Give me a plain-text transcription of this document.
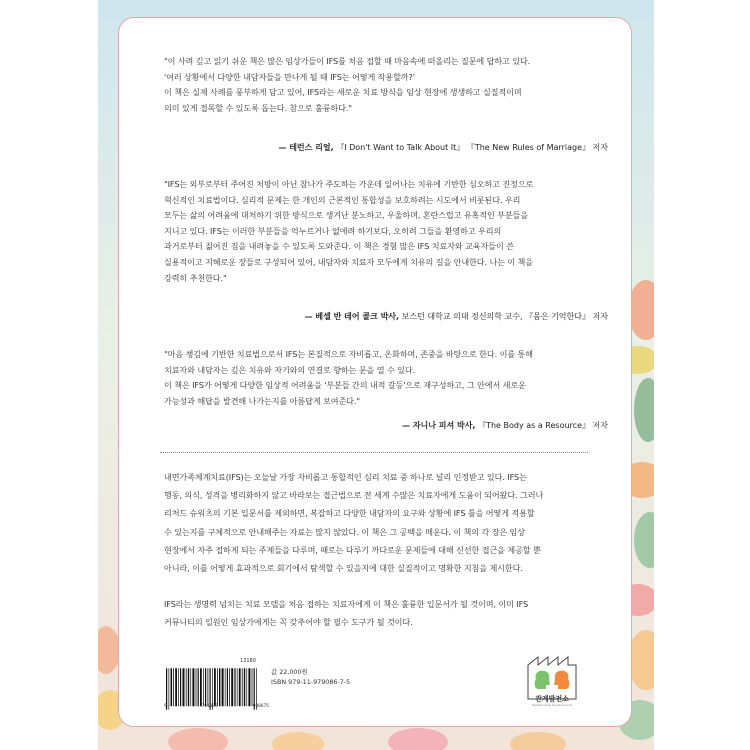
"이 사려 깊고 읽기 쉬운 책은 많은 임상가들이 IFS를 처음 접할 때 마음속에 떠올리는 질문에 답하고 있다.

'여러 상황에서 다양한 내담자들을 만나게 될 때 IFS는 어떻게 작용할까?'

이 책은 실제 사례를 풍부하게 담고 있어, IFS라는 새로운 치료 방식을 임상 현장에 생생하고 실질적이며

의미 있게 접목할 수 있도록 돕는다. 참으로 훌륭하다."

— 테런스 리얼, 『I Don't Want to Talk About It』 『The New Rules of Marriage』 저자

"IFS는 외부로부터 주어진 처방이 아닌 참나가 주도하는 가운데 일어나는 치유에 기반한 심오하고 진정으로

혁신적인 치료법이다. 심리적 문제는 한 개인의 근본적인 통합성을 보호하려는 시도에서 비롯된다. 우리

모두는 삶의 어려움에 대처하기 위한 방식으로 생겨난 분노하고, 우울하며, 혼란스럽고 유혹적인 부분들을

지니고 있다. IFS는 이러한 부분들을 억누르거나 없애려 하기보다, 오히려 그들을 환영하고 우리의

과거로부터 짊어진 짐을 내려놓을 수 있도록 도와준다. 이 책은 경험 많은 IFS 치료자와 교육자들이 쓴

실용적이고 지혜로운 장들로 구성되어 있어, 내담자와 치료자 모두에게 치유의 길을 안내한다. 나는 이 책을

강력히 추천한다."

— 베셀 반 데어 콜크 박사, 보스턴 대학교 의대 정신의학 교수, 『몸은 기억한다』 저자

"마음 챙김에 기반한 치료법으로서 IFS는 본질적으로 자비롭고, 온화하며, 존중을 바탕으로 한다. 이를 통해

치료자와 내담자는 깊은 치유와 자기와의 연결로 향하는 문을 열 수 있다.

이 책은 IFS가 어떻게 다양한 임상적 어려움을 '부분들 간의 내적 갈등'으로 재구성하고, 그 안에서 새로운

가능성과 해답을 발견해 나가는지를 아름답게 보여준다."

— 자니나 피셔 박사, 『The Body as a Resource』 저자

내면가족체계치료(IFS)는 오늘날 가장 자비롭고 통합적인 심리 치료 중 하나로 널리 인정받고 있다. IFS는

행동, 의식, 성격을 병리화하지 않고 바라보는 접근법으로 전 세계 수많은 치료자에게 도움이 되어왔다. 그러나

리처드 슈워츠의 기본 입문서를 제외하면, 복잡하고 다양한 내담자의 요구와 상황에 IFS 틀을 어떻게 적용할

수 있는지를 구체적으로 안내해주는 자료는 많지 않았다. 이 책은 그 공백을 메운다. 이 책의 각 장은 임상

현장에서 자주 접하게 되는 주제들을 다루며, 때로는 다루기 까다로운 문제들에 대해 신선한 접근을 제공할 뿐

아니라, 이를 어떻게 효과적으로 회기에서 탐색할 수 있을지에 대한 실질적이고 명확한 지침을 제시한다.

IFS라는 생명력 넘치는 치료 모델을 처음 접하는 치료자에게 이 책은 훌륭한 입문서가 될 것이며, 이미 IFS

커뮤니티의 일원인 임상가에게는 꼭 갖추어야 할 필수 도구가 될 것이다.

13180
9	791197	908675
값 22,000원
ISBN 979-11-979086-7-5
관계발전소
Relationship Development
